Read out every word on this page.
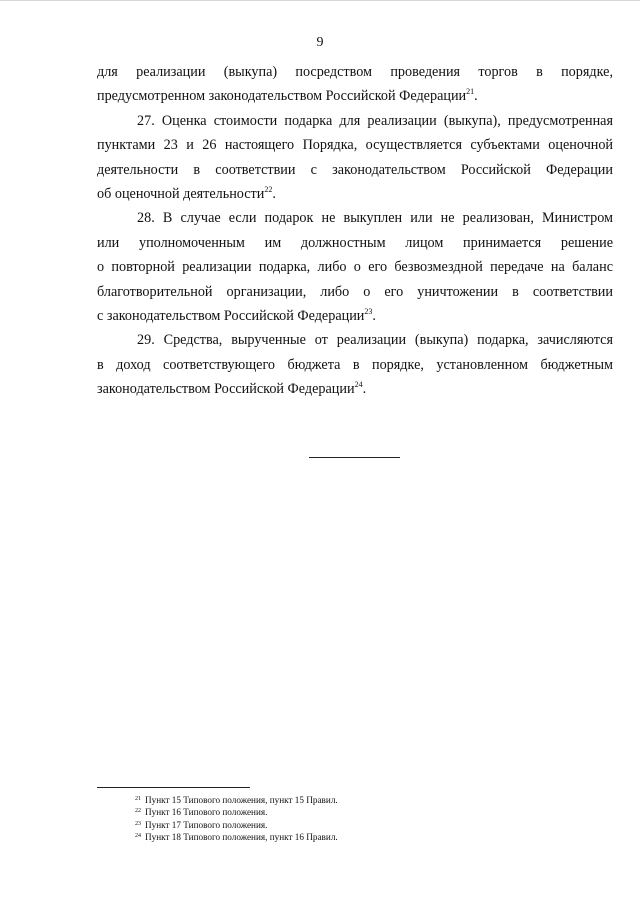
9

для реализации (выкупа) посредством проведения торгов в порядке,
предусмотренном законодательством Российской Федерации$^{21}$.

27. Оценка стоимости подарка для реализации (выкупа), предусмотренная
пунктами 23 и 26 настоящего Порядка, осуществляется субъектами оценочной
деятельности в соответствии с законодательством Российской Федерации
об оценочной деятельности$^{22}$.

28. В случае если подарок не выкуплен или не реализован, Министром
или уполномоченным им должностным лицом принимается решение
о повторной реализации подарка, либо о его безвозмездной передаче на баланс
благотворительной организации, либо о его уничтожении в соответствии
с законодательством Российской Федерации$^{23}$.

29. Средства, вырученные от реализации (выкупа) подарка, зачисляются
в доход соответствующего бюджета в порядке, установленном бюджетным
законодательством Российской Федерации$^{24}$.

$^{21}$ Пункт 15 Типового положения, пункт 15 Правил.
$^{22}$ Пункт 16 Типового положения.
$^{23}$ Пункт 17 Типового положения.
$^{24}$ Пункт 18 Типового положения, пункт 16 Правил.
